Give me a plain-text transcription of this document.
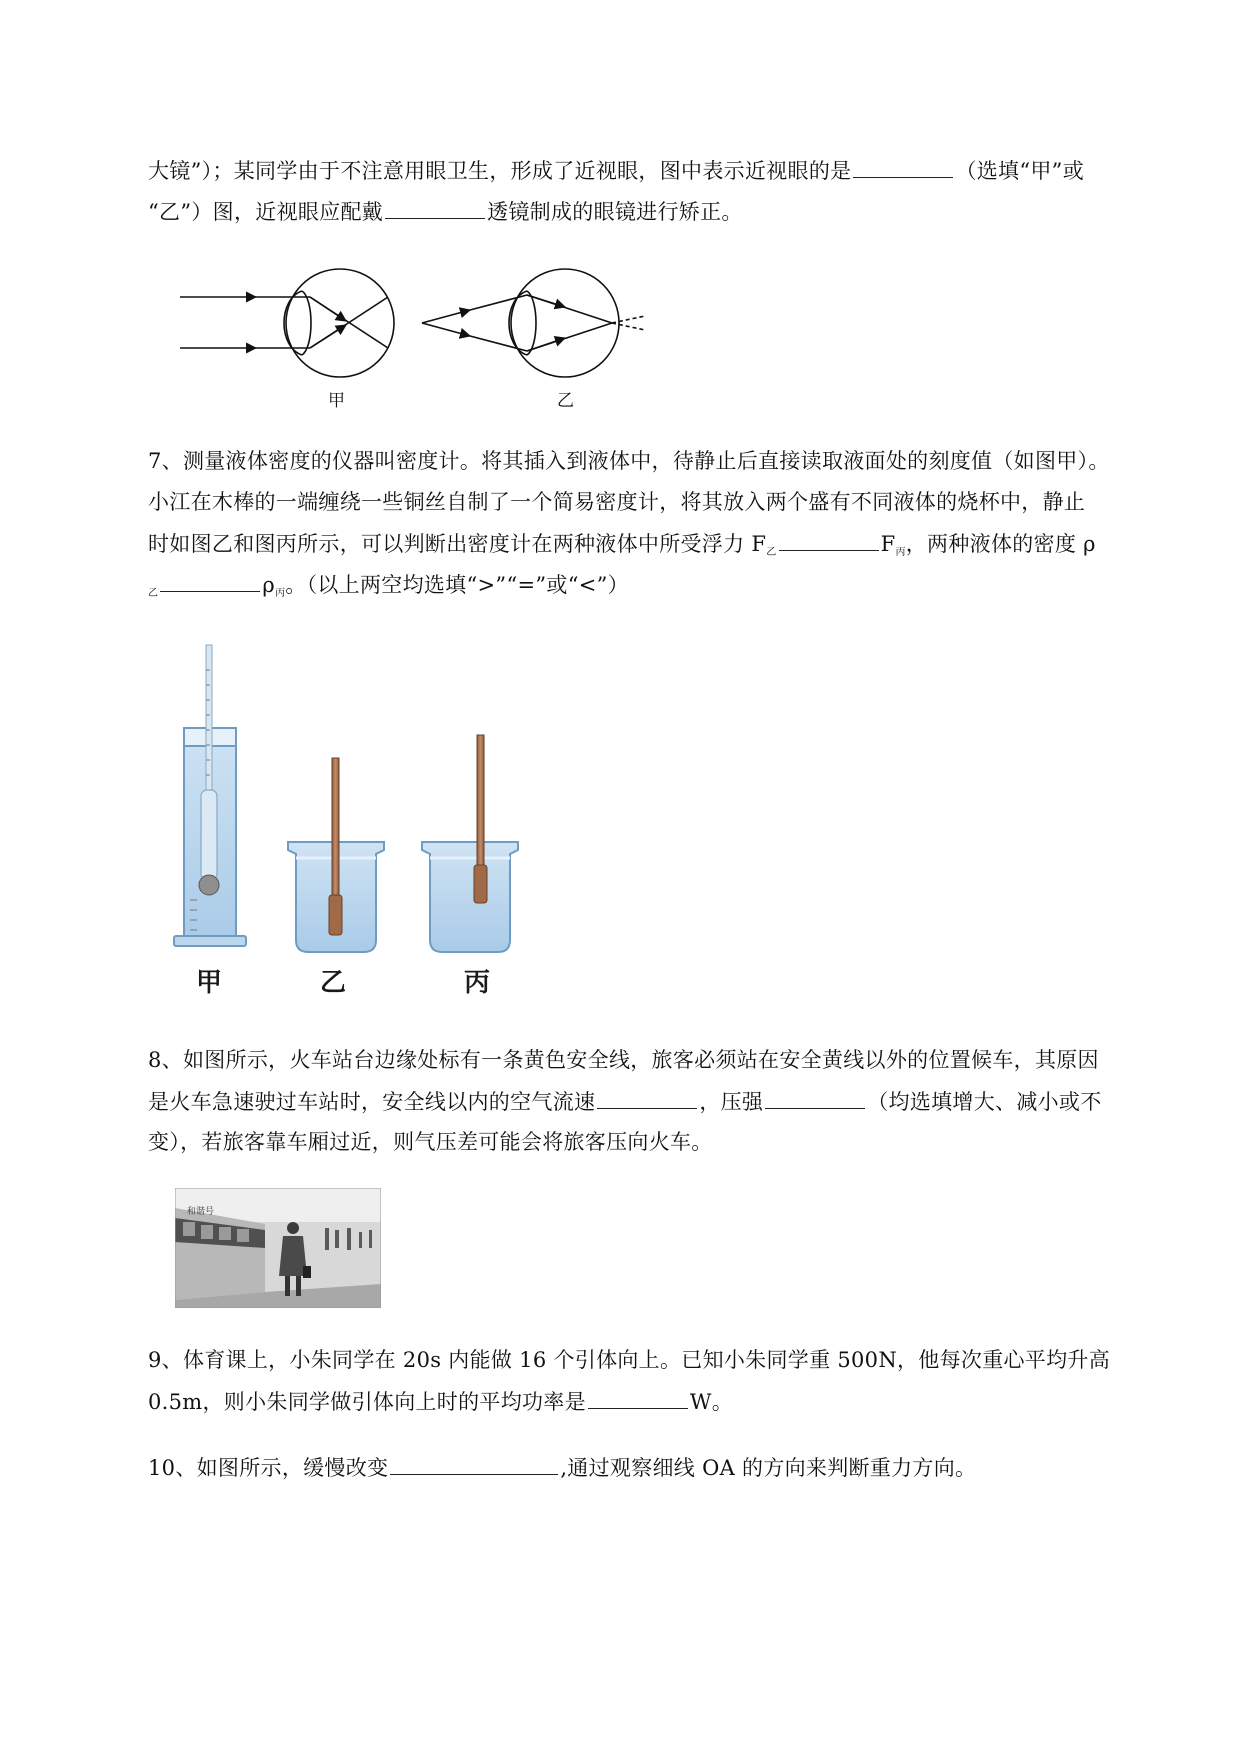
大镜”）；某同学由于不注意用眼卫生，形成了近视眼，图中表示近视眼的是	（选填“甲”或
“乙”）图，近视眼应配戴	透镜制成的眼镜进行矫正。
甲	乙
7、测量液体密度的仪器叫密度计。将其插入到液体中，待静止后直接读取液面处的刻度值（如图甲）。
小江在木棒的一端缠绕一些铜丝自制了一个简易密度计，将其放入两个盛有不同液体的烧杯中，静止
时如图乙和图丙所示，可以判断出密度计在两种液体中所受浮力 $F_乙$	$F_丙$，两种液体的密度 ρ
$_乙$	$\rho_丙$。（以上两空均选填“>”“=”或“<”）
甲	乙	丙
8、如图所示，火车站台边缘处标有一条黄色安全线，旅客必须站在安全黄线以外的位置候车，其原因
是火车急速驶过车站时，安全线以内的空气流速	，压强	（均选填增大、减小或不
变），若旅客靠车厢过近，则气压差可能会将旅客压向火车。
和谐号
9、体育课上，小朱同学在 20s 内能做 16 个引体向上。已知小朱同学重 500N，他每次重心平均升高
0.5m，则小朱同学做引体向上时的平均功率是	W。
10、如图所示，缓慢改变	,通过观察细线 OA 的方向来判断重力方向。
